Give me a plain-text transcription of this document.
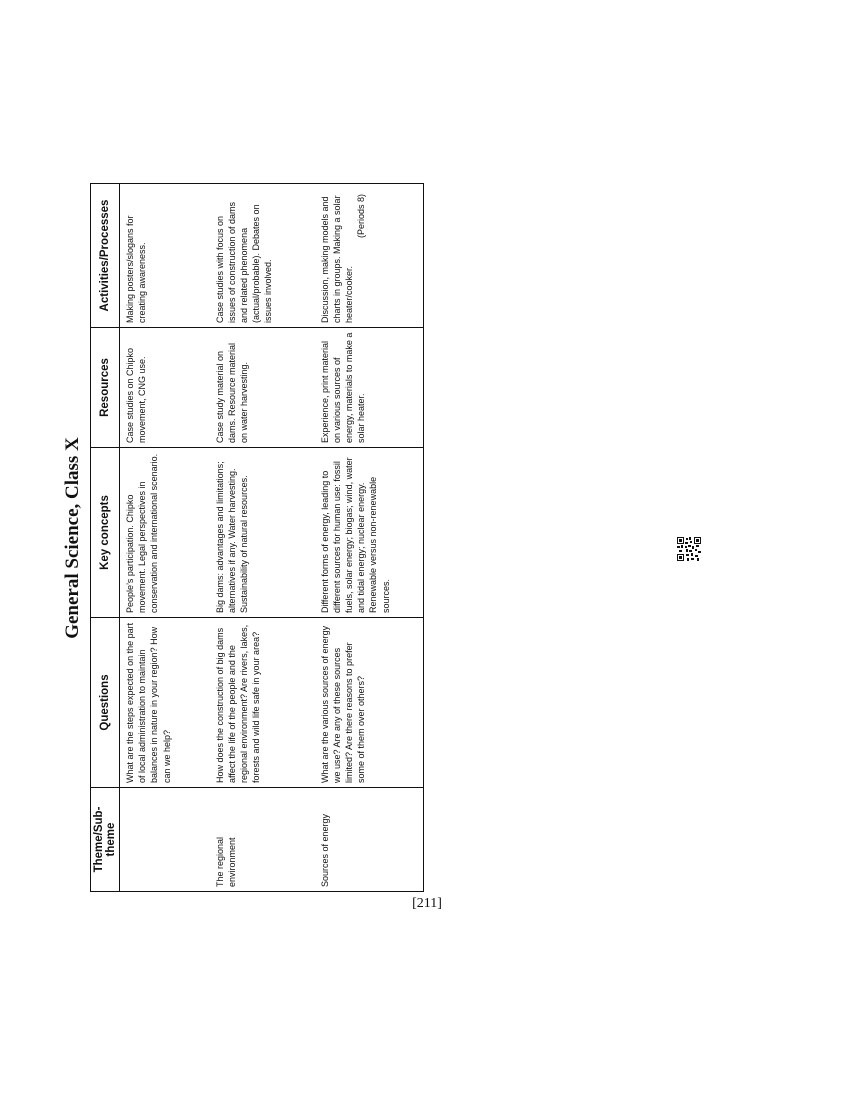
General Science, Class X
Theme/Sub-theme	Questions	Key concepts	Resources	Activities/Processes
	What are the steps expected on the part of local administration to maintain balances in nature in your region? How can we help?	People’s participation. Chipko movement. Legal perspectives in conservation and international scenario.	Case studies on Chipko movement, CNG use.	Making posters/slogans for creating awareness.
The regional environment	How does the construction of big dams affect the life of the people and the regional environment? Are rivers, lakes, forests and wild life safe in your area?	Big dams: advantages and limitations; alternatives if any. Water harvesting. Sustainability of natural resources.	Case study material on dams. Resource material on water harvesting.	Case studies with focus on issues of construction of dams and related phenomena (actual/probable). Debates on issues involved.
Sources of energy	What are the various sources of energy we use? Are any of these sources limited? Are there reasons to prefer some of them over others?	Different forms of energy, leading to different sources for human use: fossil fuels, solar energy; biogas; wind, water and tidal energy; nuclear energy. Renewable versus non-renewable sources.	Experience, print material on various sources of energy, materials to make a solar heater.	Discussion, making models and charts in groups. Making a solar heater/cooker.
(Periods 8)
[211]
